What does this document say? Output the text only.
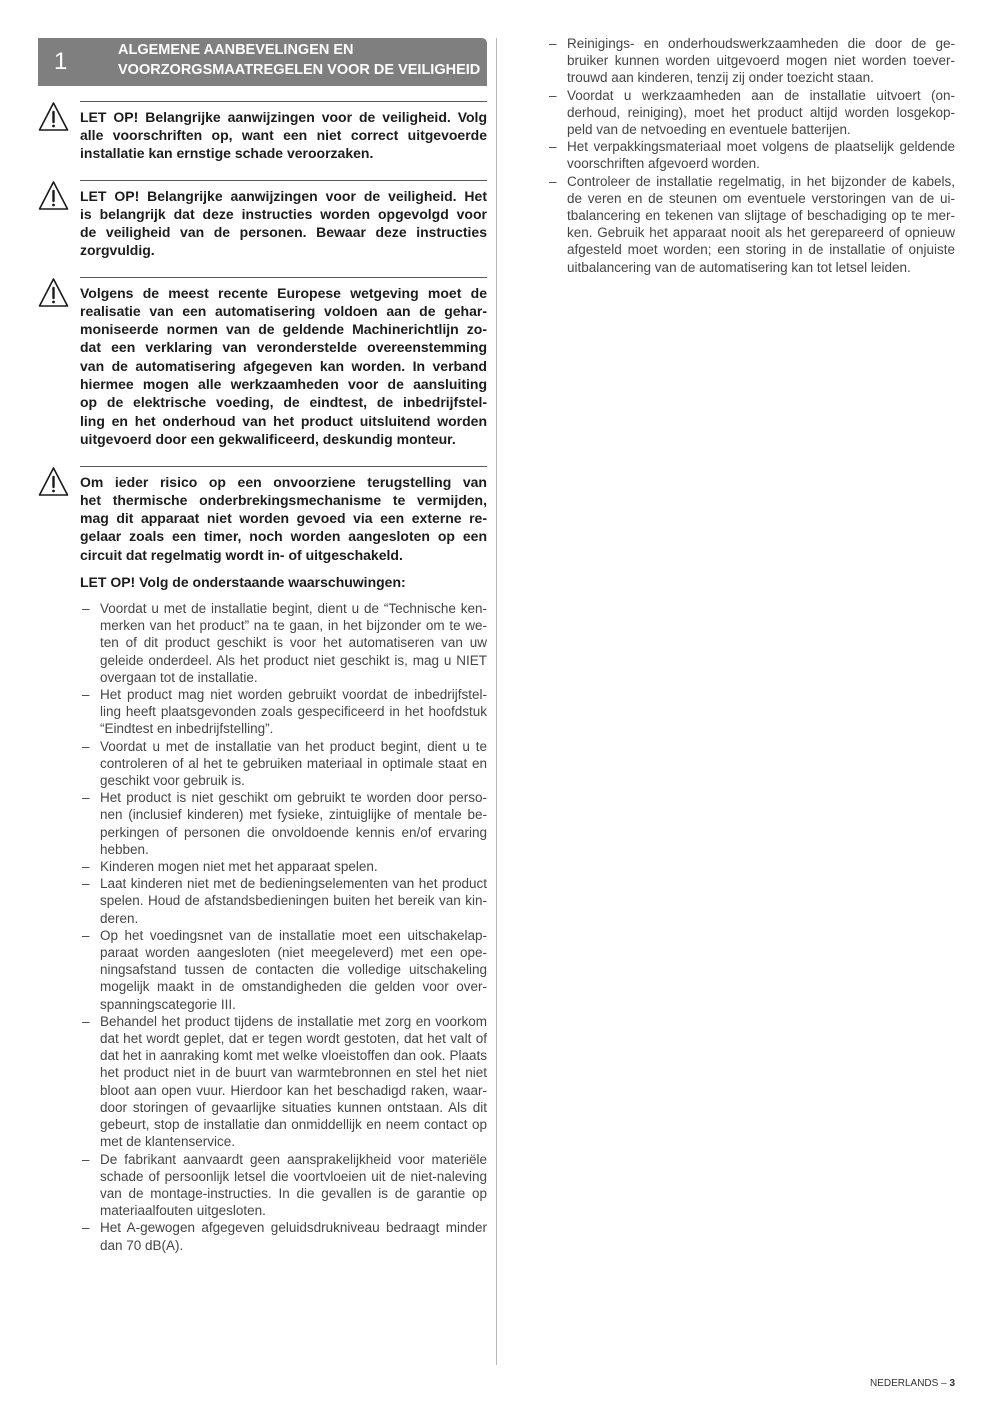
1	ALGEMENE AANBEVELINGEN EN
VOORZORGSMAATREGELEN VOOR DE VEILIGHEID
LET OP! Belangrijke aanwijzingen voor de veiligheid. Volg
alle voorschriften op, want een niet correct uitgevoerde
installatie kan ernstige schade veroorzaken.
LET OP! Belangrijke aanwijzingen voor de veiligheid. Het
is belangrijk dat deze instructies worden opgevolgd voor
de veiligheid van de personen. Bewaar deze instructies
zorgvuldig.
Volgens de meest recente Europese wetgeving moet de
realisatie van een automatisering voldoen aan de gehar-
moniseerde normen van de geldende Machinerichtlijn zo-
dat een verklaring van veronderstelde overeenstemming
van de automatisering afgegeven kan worden. In verband
hiermee mogen alle werkzaamheden voor de aansluiting
op de elektrische voeding, de eindtest, de inbedrijfstel-
ling en het onderhoud van het product uitsluitend worden
uitgevoerd door een gekwalificeerd, deskundig monteur.
Om ieder risico op een onvoorziene terugstelling van
het thermische onderbrekingsmechanisme te vermijden,
mag dit apparaat niet worden gevoed via een externe re-
gelaar zoals een timer, noch worden aangesloten op een
circuit dat regelmatig wordt in- of uitgeschakeld.
LET OP! Volg de onderstaande waarschuwingen:
– Voordat u met de installatie begint, dient u de “Technische ken-
merken van het product” na te gaan, in het bijzonder om te we-
ten of dit product geschikt is voor het automatiseren van uw
geleide onderdeel. Als het product niet geschikt is, mag u NIET
overgaan tot de installatie.
– Het product mag niet worden gebruikt voordat de inbedrijfstel-
ling heeft plaatsgevonden zoals gespecificeerd in het hoofdstuk
“Eindtest en inbedrijfstelling”.
– Voordat u met de installatie van het product begint, dient u te
controleren of al het te gebruiken materiaal in optimale staat en
geschikt voor gebruik is.
– Het product is niet geschikt om gebruikt te worden door perso-
nen (inclusief kinderen) met fysieke, zintuiglijke of mentale be-
perkingen of personen die onvoldoende kennis en/of ervaring
hebben.
– Kinderen mogen niet met het apparaat spelen.
– Laat kinderen niet met de bedieningselementen van het product
spelen. Houd de afstandsbedieningen buiten het bereik van kin-
deren.
– Op het voedingsnet van de installatie moet een uitschakelap-
paraat worden aangesloten (niet meegeleverd) met een ope-
ningsafstand tussen de contacten die volledige uitschakeling
mogelijk maakt in de omstandigheden die gelden voor over-
spanningscategorie III.
– Behandel het product tijdens de installatie met zorg en voorkom
dat het wordt geplet, dat er tegen wordt gestoten, dat het valt of
dat het in aanraking komt met welke vloeistoffen dan ook. Plaats
het product niet in de buurt van warmtebronnen en stel het niet
bloot aan open vuur. Hierdoor kan het beschadigd raken, waar-
door storingen of gevaarlijke situaties kunnen ontstaan. Als dit
gebeurt, stop de installatie dan onmiddellijk en neem contact op
met de klantenservice.
– De fabrikant aanvaardt geen aansprakelijkheid voor materiële
schade of persoonlijk letsel die voortvloeien uit de niet-naleving
van de montage-instructies. In die gevallen is de garantie op
materiaalfouten uitgesloten.
– Het A-gewogen afgegeven geluidsdrukniveau bedraagt minder
dan 70 dB(A).
– Reinigings- en onderhoudswerkzaamheden die door de ge-
bruiker kunnen worden uitgevoerd mogen niet worden toever-
trouwd aan kinderen, tenzij zij onder toezicht staan.
– Voordat u werkzaamheden aan de installatie uitvoert (on-
derhoud, reiniging), moet het product altijd worden losgekop-
peld van de netvoeding en eventuele batterijen.
– Het verpakkingsmateriaal moet volgens de plaatselijk geldende
voorschriften afgevoerd worden.
– Controleer de installatie regelmatig, in het bijzonder de kabels,
de veren en de steunen om eventuele verstoringen van de ui-
tbalancering en tekenen van slijtage of beschadiging op te mer-
ken. Gebruik het apparaat nooit als het gerepareerd of opnieuw
afgesteld moet worden; een storing in de installatie of onjuiste
uitbalancering van de automatisering kan tot letsel leiden.
NEDERLANDS – 3
